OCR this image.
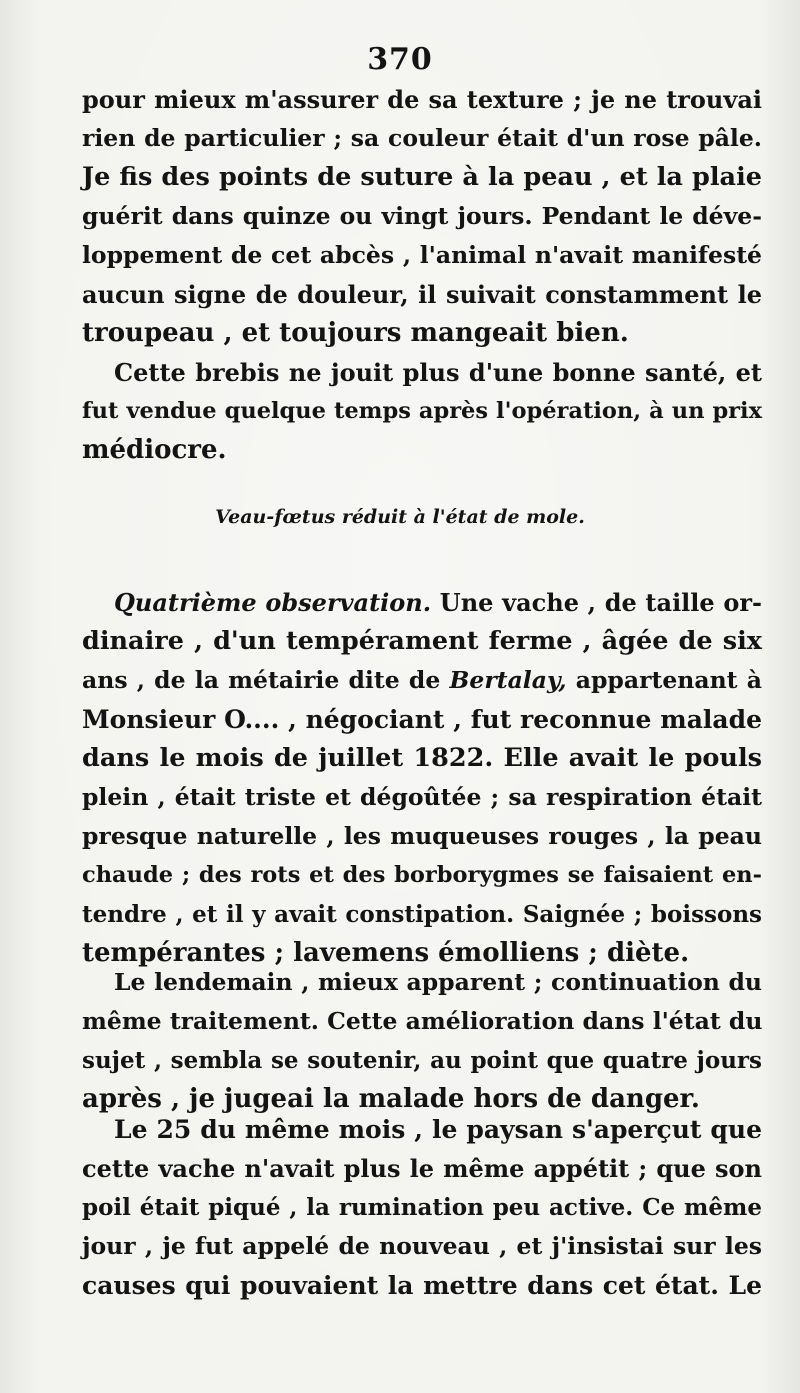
370
pour mieux m'assurer de sa texture ; je ne trouvai
rien de particulier ; sa couleur était d'un rose pâle.
Je fis des points de suture à la peau , et la plaie
guérit dans quinze ou vingt jours. Pendant le déve-
loppement de cet abcès , l'animal n'avait manifesté
aucun signe de douleur, il suivait constamment le
troupeau , et toujours mangeait bien.
Cette brebis ne jouit plus d'une bonne santé, et
fut vendue quelque temps après l'opération, à un prix
médiocre.
Veau-fœtus réduit à l'état de mole.
Quatrième observation. Une vache , de taille or-
dinaire , d'un tempérament ferme , âgée de six
ans , de la métairie dite de Bertalay, appartenant à
Monsieur O.... , négociant , fut reconnue malade
dans le mois de juillet 1822. Elle avait le pouls
plein , était triste et dégoûtée ; sa respiration était
presque naturelle , les muqueuses rouges , la peau
chaude ; des rots et des borborygmes se faisaient en-
tendre , et il y avait constipation. Saignée ; boissons
tempérantes ; lavemens émolliens ; diète.
Le lendemain , mieux apparent ; continuation du
même traitement. Cette amélioration dans l'état du
sujet , sembla se soutenir, au point que quatre jours
après , je jugeai la malade hors de danger.
Le 25 du même mois , le paysan s'aperçut que
cette vache n'avait plus le même appétit ; que son
poil était piqué , la rumination peu active. Ce même
jour , je fut appelé de nouveau , et j'insistai sur les
causes qui pouvaient la mettre dans cet état. Le
